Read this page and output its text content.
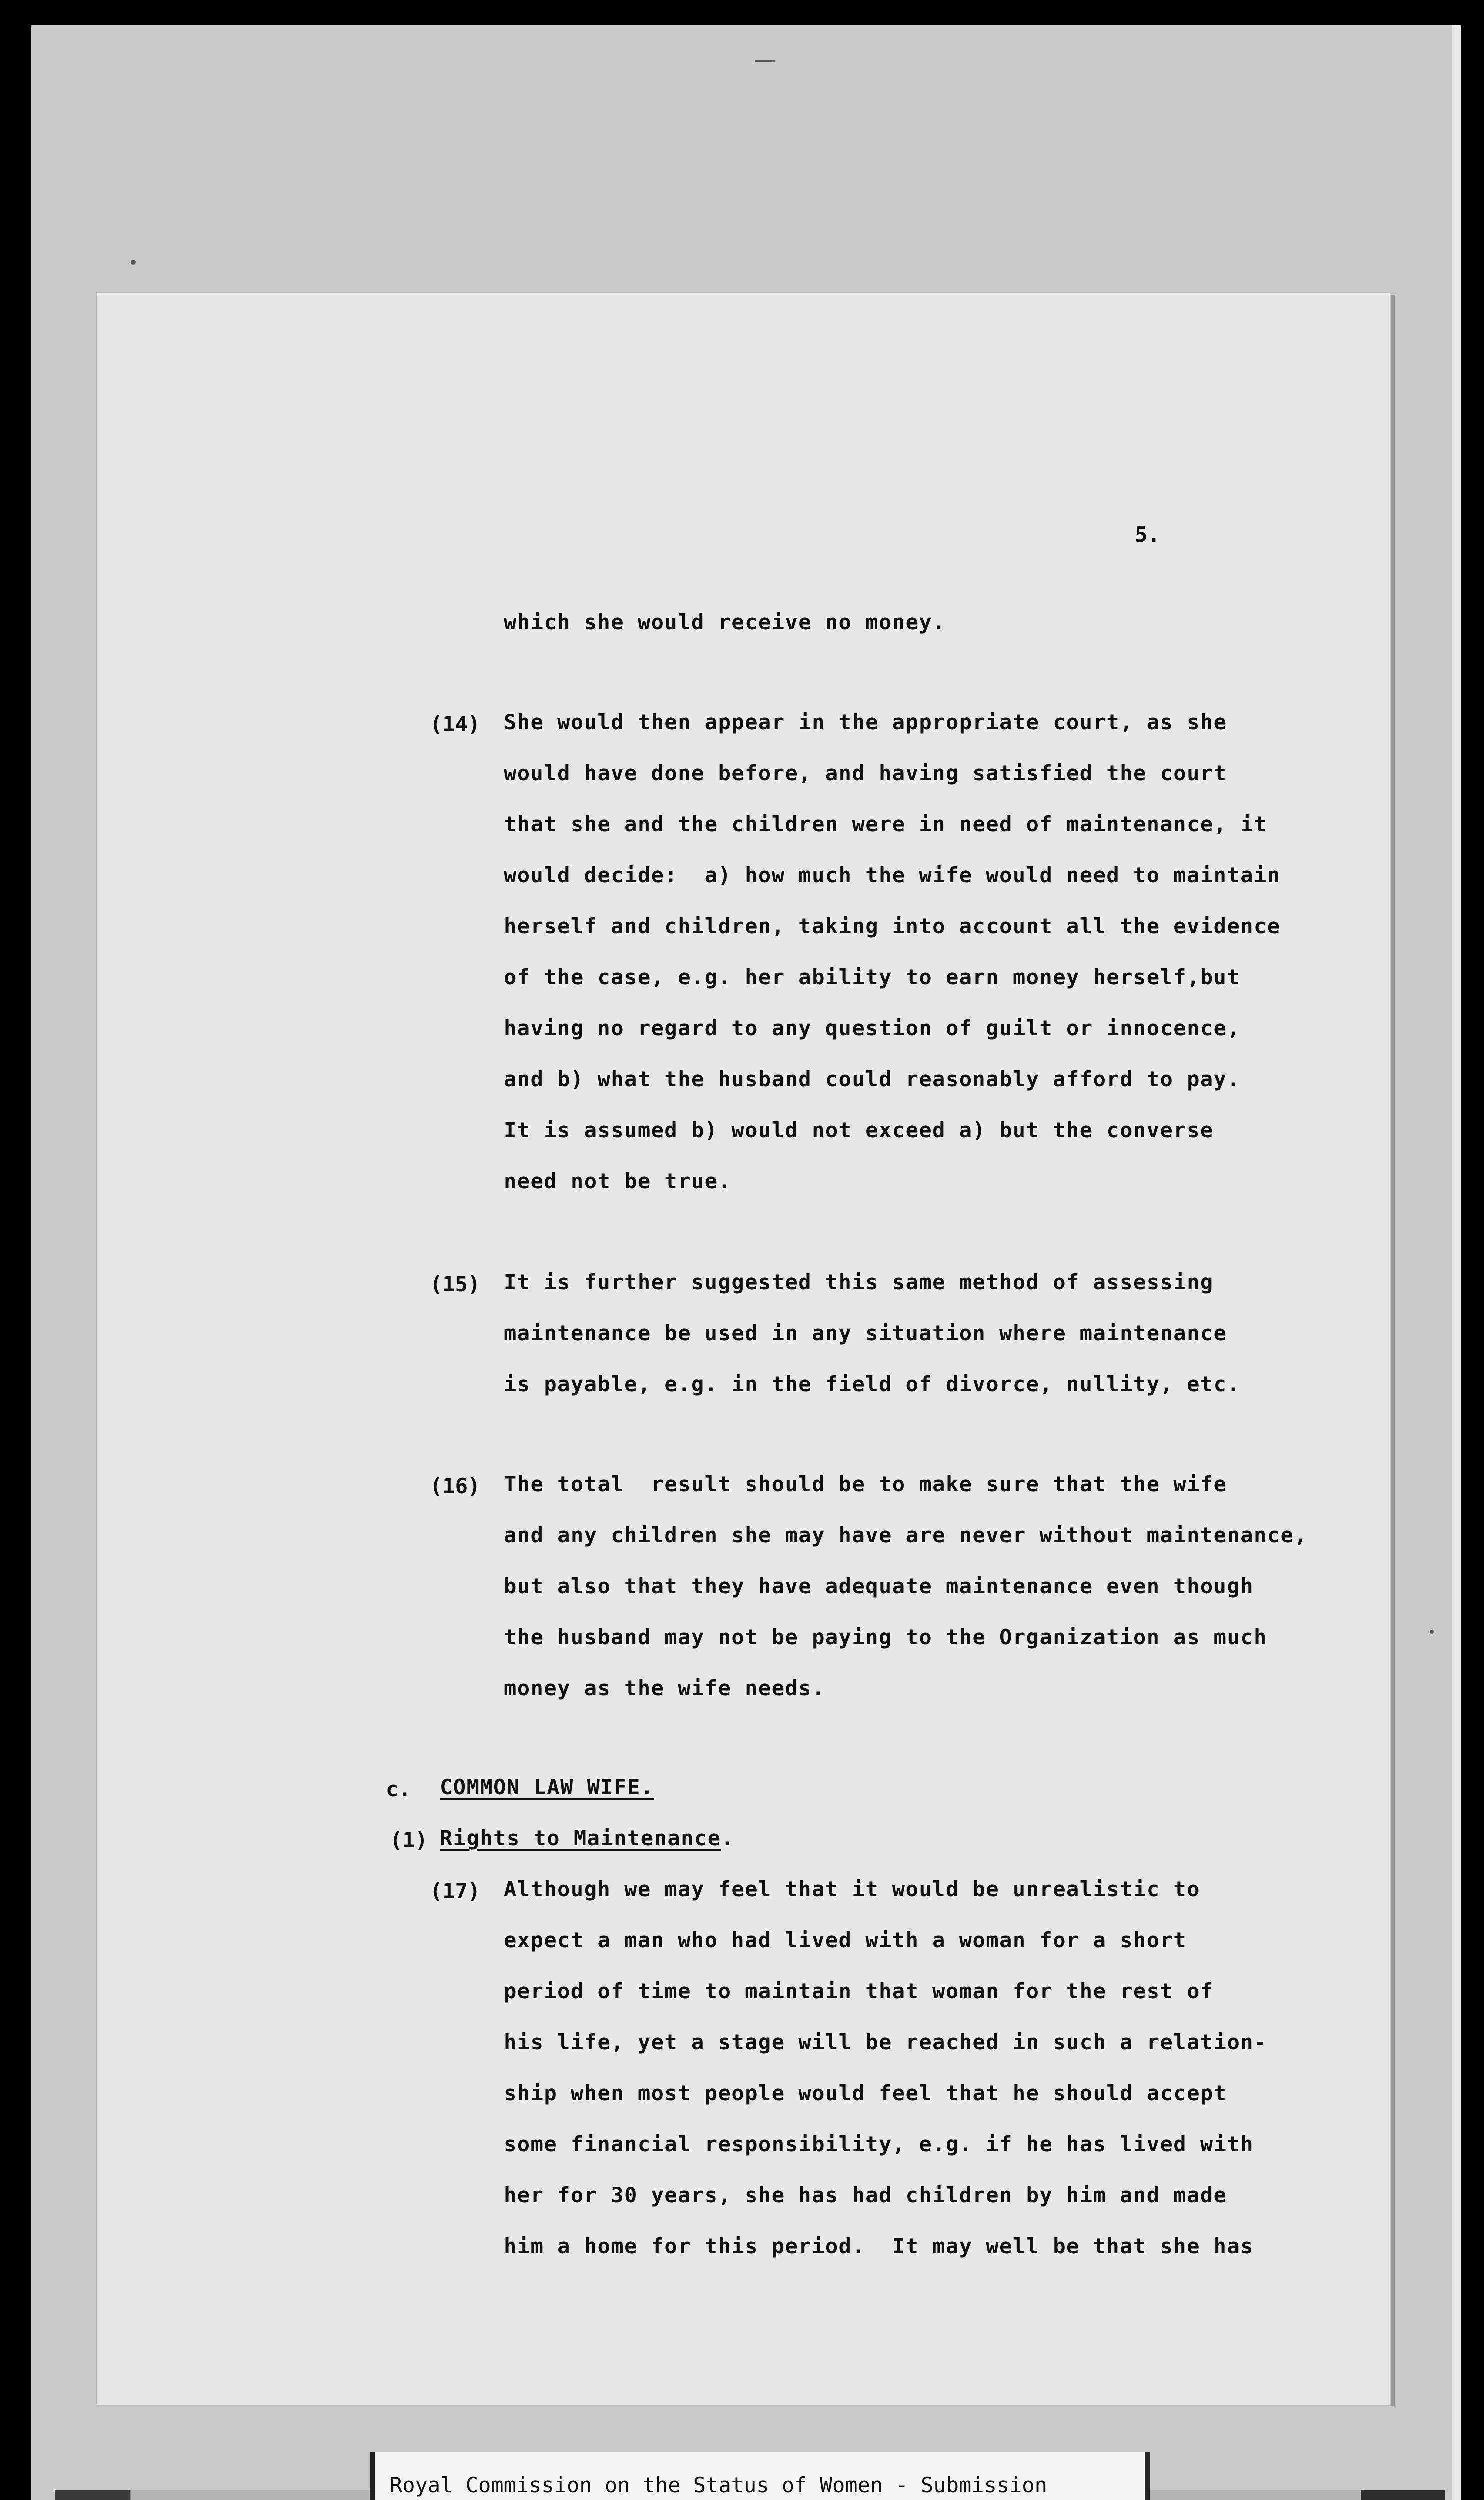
5.
which she would receive no money.
(14) She would then appear in the appropriate court, as she
would have done before, and having satisfied the court
that she and the children were in need of maintenance, it
would decide:  a) how much the wife would need to maintain
herself and children, taking into account all the evidence
of the case, e.g. her ability to earn money herself,but
having no regard to any question of guilt or innocence,
and b) what the husband could reasonably afford to pay.
It is assumed b) would not exceed a) but the converse
need not be true.
(15) It is further suggested this same method of assessing
maintenance be used in any situation where maintenance
is payable, e.g. in the field of divorce, nullity, etc.
(16) The total  result should be to make sure that the wife
and any children she may have are never without maintenance,
but also that they have adequate maintenance even though
the husband may not be paying to the Organization as much
money as the wife needs.
c. COMMON LAW WIFE.
(1) Rights to Maintenance.
(17) Although we may feel that it would be unrealistic to
expect a man who had lived with a woman for a short
period of time to maintain that woman for the rest of
his life, yet a stage will be reached in such a relation-
ship when most people would feel that he should accept
some financial responsibility, e.g. if he has lived with
her for 30 years, she has had children by him and made
him a home for this period.  It may well be that she has
Royal Commission on the Status of Women - Submission
